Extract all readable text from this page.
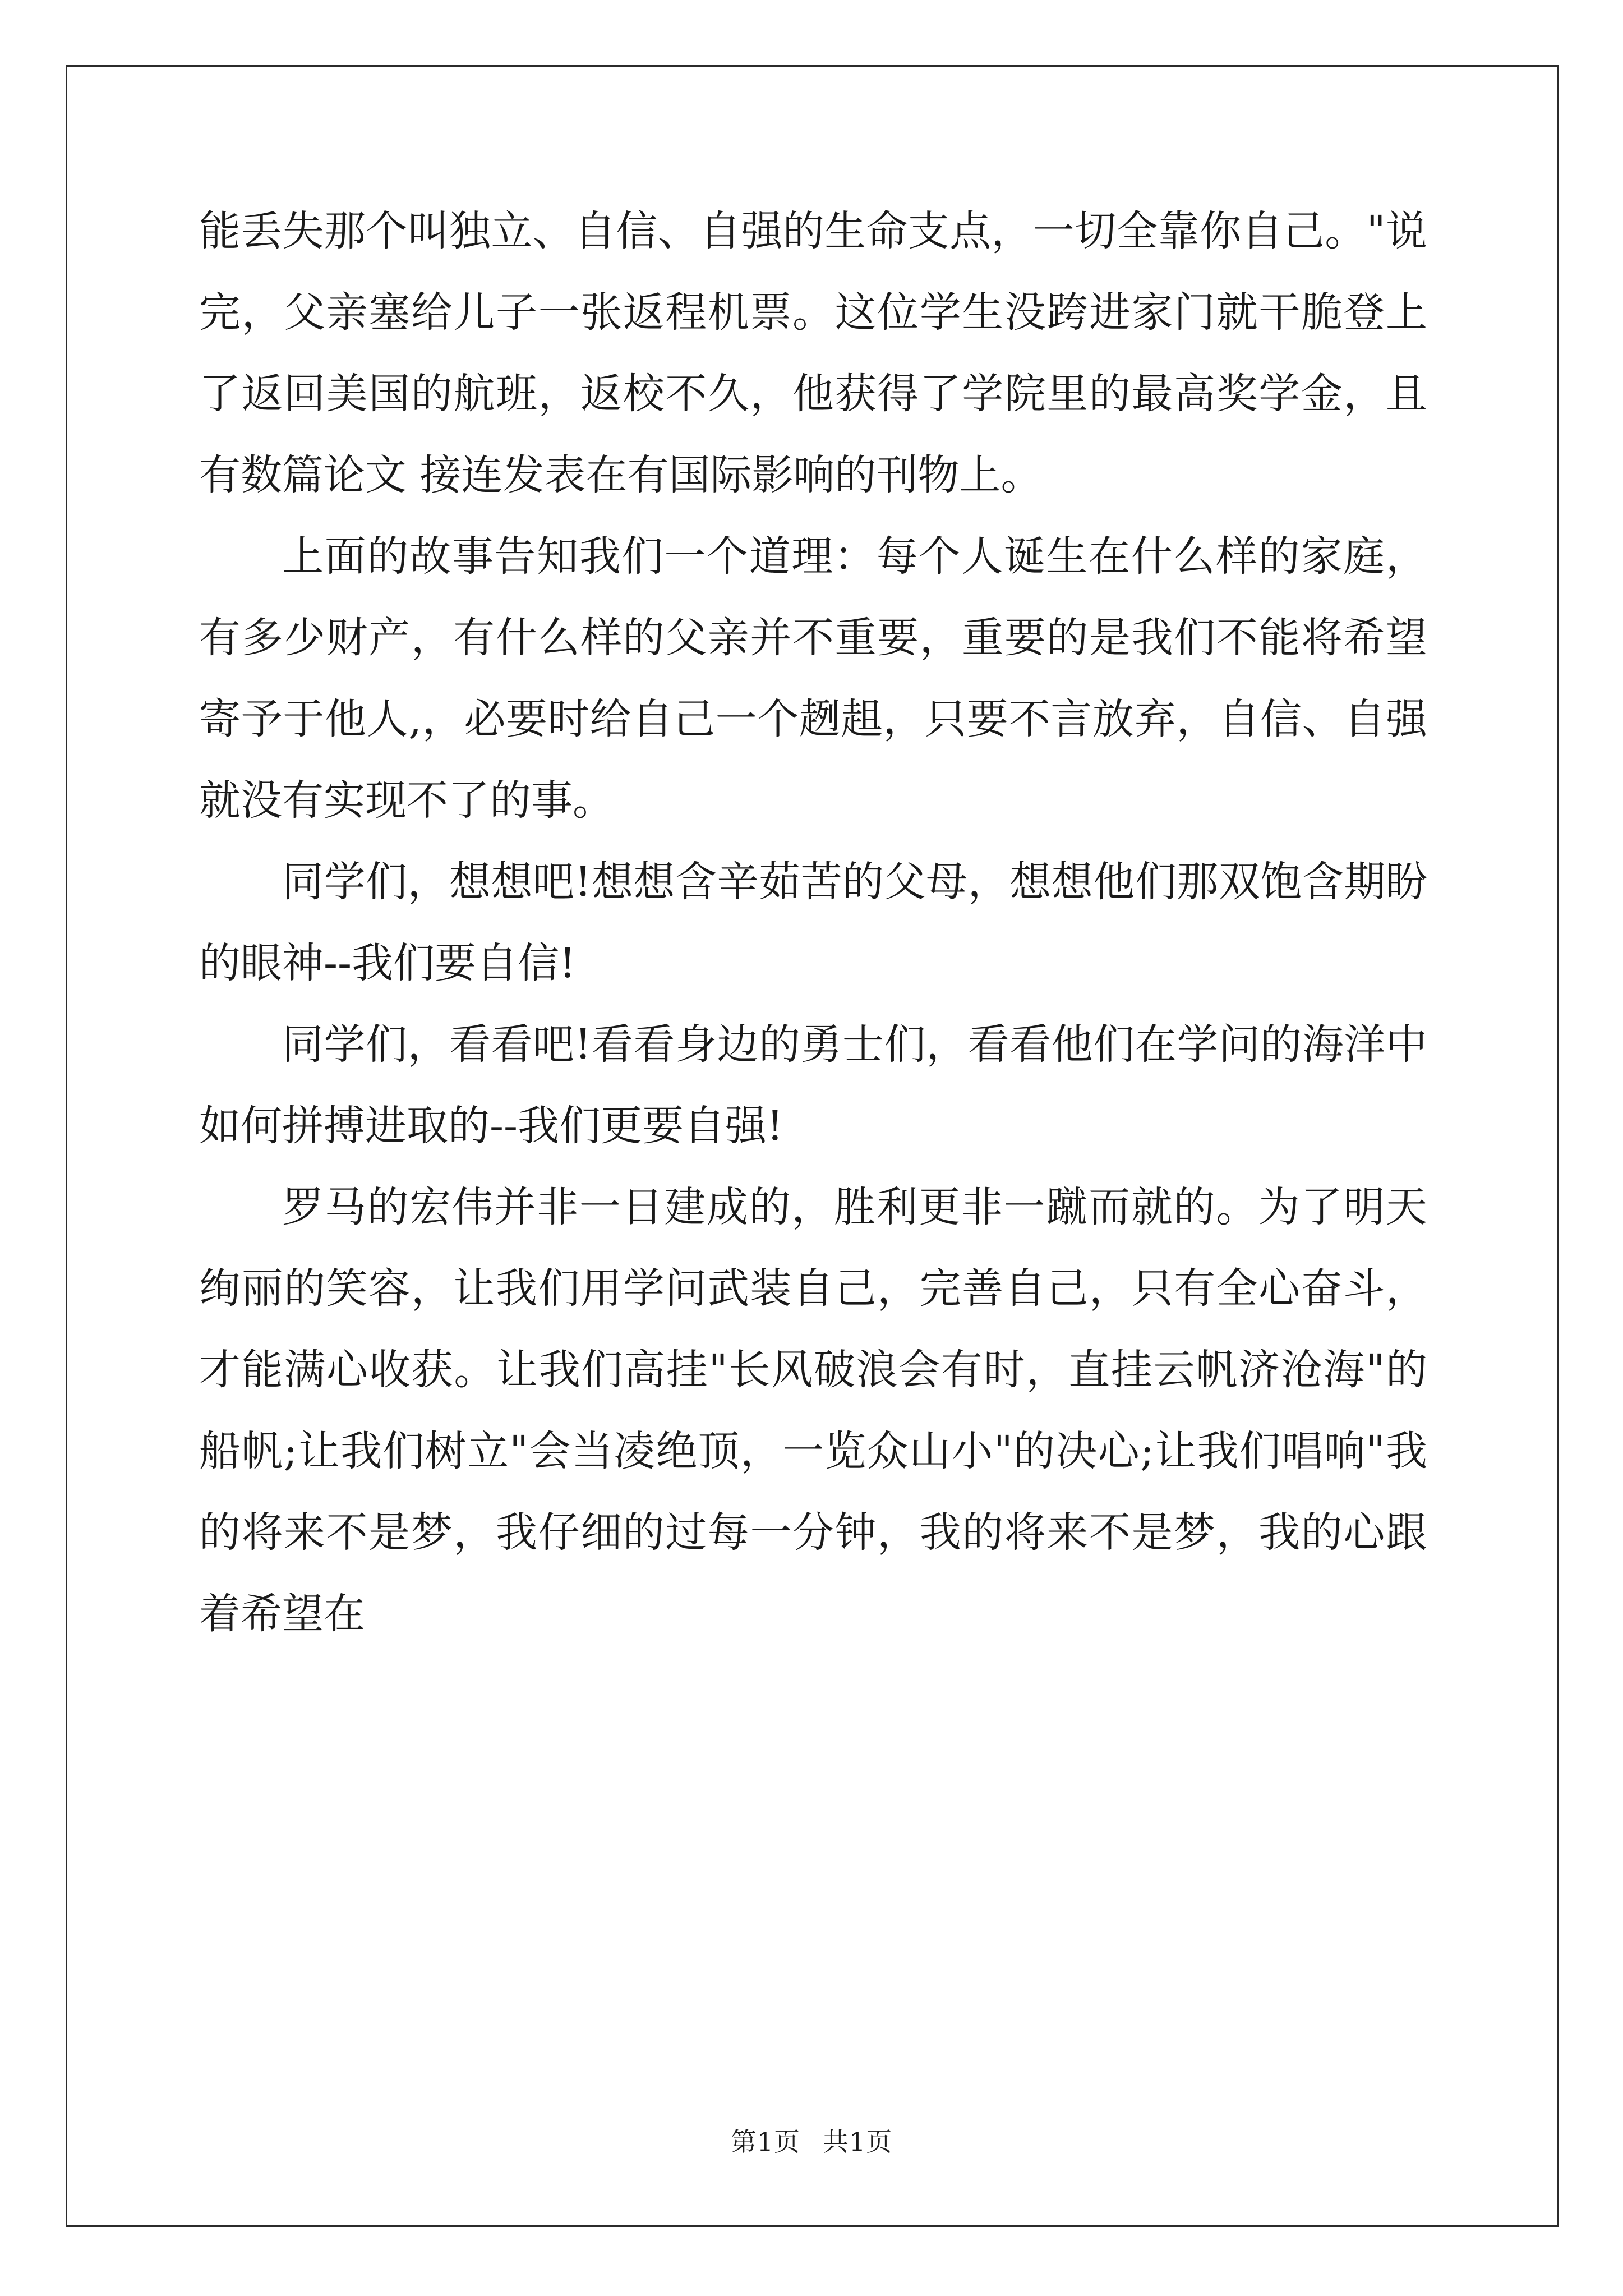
能丢失那个叫独立、自信、自强的生命支点，一切全靠你自己。"说完，父亲塞给儿子一张返程机票。这位学生没跨进家门就干脆登上了返回美国的航班，返校不久，他获得了学院里的最高奖学金，且有数篇论文 接连发表在有国际影响的刊物上。

上面的故事告知我们一个道理：每个人诞生在什么样的家庭，有多少财产，有什么样的父亲并不重要，重要的是我们不能将希望寄予于他人,，必要时给自己一个趔趄，只要不言放弃，自信、自强就没有实现不了的事。

同学们，想想吧!想想含辛茹苦的父母，想想他们那双饱含期盼的眼神--我们要自信!

同学们，看看吧!看看身边的勇士们，看看他们在学问的海洋中如何拼搏进取的--我们更要自强!

罗马的宏伟并非一日建成的，胜利更非一蹴而就的。为了明天绚丽的笑容，让我们用学问武装自己，完善自己，只有全心奋斗，才能满心收获。让我们高挂"长风破浪会有时，直挂云帆济沧海"的船帆;让我们树立"会当凌绝顶，一览众山小"的决心;让我们唱响"我的将来不是梦，我仔细的过每一分钟，我的将来不是梦，我的心跟着希望在

第1页 共1页
